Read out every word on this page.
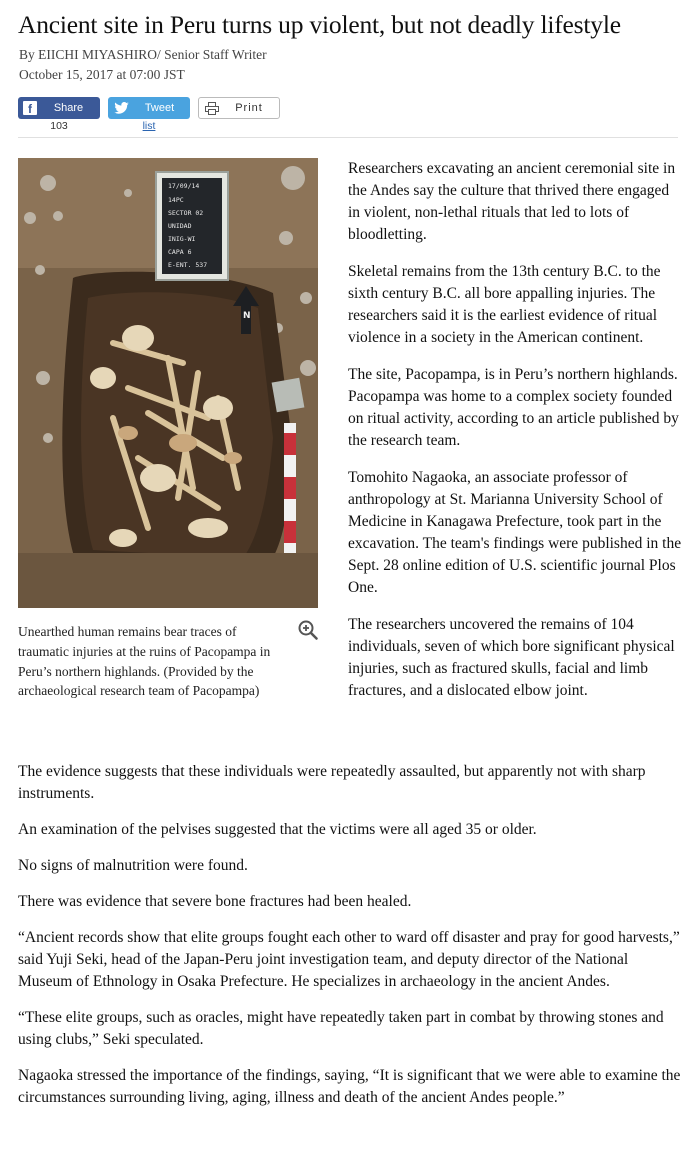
Ancient site in Peru turns up violent, but not deadly lifestyle
By EIICHI MIYASHIRO/ Senior Staff Writer
October 15, 2017 at 07:00 JST
f	Share
103
Tweet
list
Print
17/09/14
14PC
SECTOR 02
UNIDAD
INIG-WI
CAPA 6
E-ENT. 537
N
Unearthed human remains bear traces of traumatic injuries at the ruins of Pacopampa in Peru’s northern highlands. (Provided by the archaeological research team of Pacopampa)

Researchers excavating an ancient ceremonial site in the Andes say the culture that thrived there engaged in violent, non-lethal rituals that led to lots of bloodletting.

Skeletal remains from the 13th century B.C. to the sixth century B.C. all bore appalling injuries. The researchers said it is the earliest evidence of ritual violence in a society in the American continent.

The site, Pacopampa, is in Peru’s northern highlands. Pacopampa was home to a complex society founded on ritual activity, according to an article published by the research team.

Tomohito Nagaoka, an associate professor of anthropology at St. Marianna University School of Medicine in Kanagawa Prefecture, took part in the excavation. The team's findings were published in the Sept. 28 online edition of U.S. scientific journal Plos One.

The researchers uncovered the remains of 104 individuals, seven of which bore significant physical injuries, such as fractured skulls, facial and limb fractures, and a dislocated elbow joint.

The evidence suggests that these individuals were repeatedly assaulted, but apparently not with sharp instruments.

An examination of the pelvises suggested that the victims were all aged 35 or older.

No signs of malnutrition were found.

There was evidence that severe bone fractures had been healed.

“Ancient records show that elite groups fought each other to ward off disaster and pray for good harvests,” said Yuji Seki, head of the Japan-Peru joint investigation team, and deputy director of the National Museum of Ethnology in Osaka Prefecture. He specializes in archaeology in the ancient Andes.

“These elite groups, such as oracles, might have repeatedly taken part in combat by throwing stones and using clubs,” Seki speculated.

Nagaoka stressed the importance of the findings, saying, “It is significant that we were able to examine the circumstances surrounding living, aging, illness and death of the ancient Andes people.”
